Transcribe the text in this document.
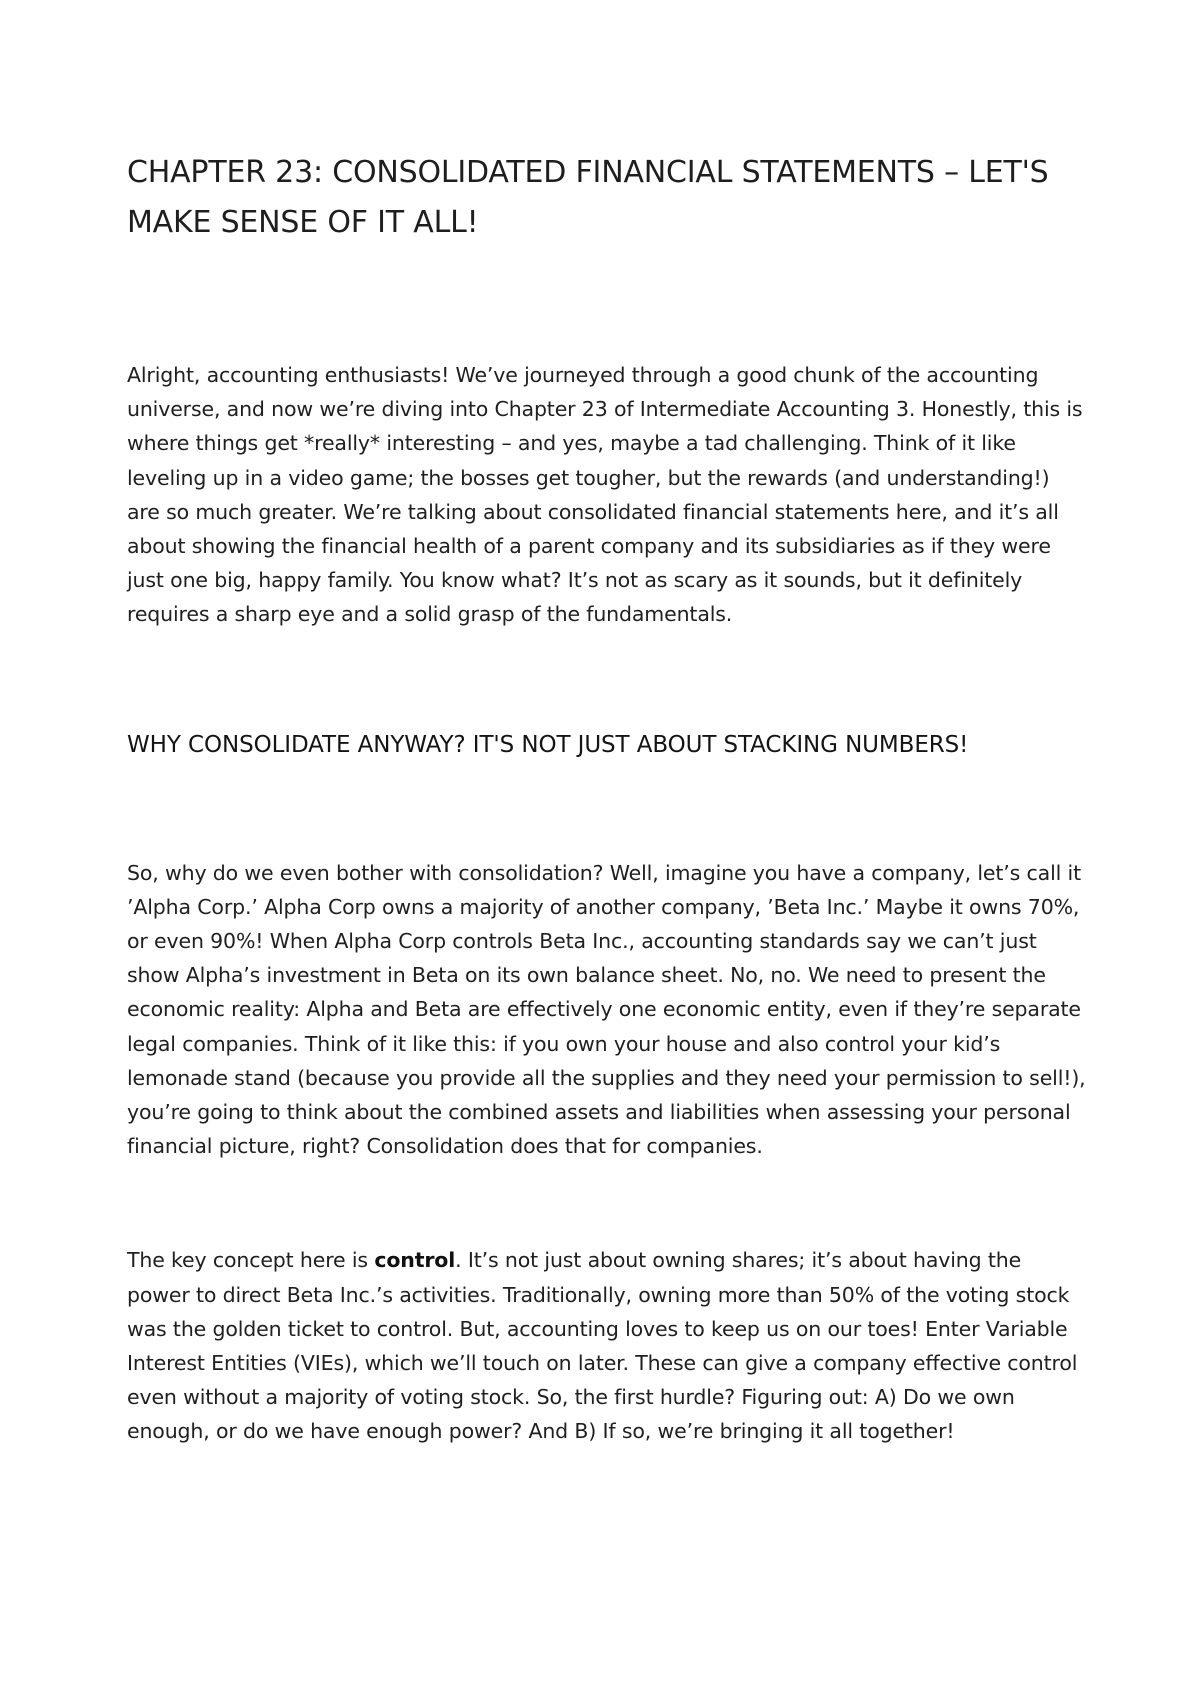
CHAPTER 23: CONSOLIDATED FINANCIAL STATEMENTS – LET'S MAKE SENSE OF IT ALL!

Alright, accounting enthusiasts! We’ve journeyed through a good chunk of the accounting universe, and now we’re diving into Chapter 23 of Intermediate Accounting 3. Honestly, this is where things get *really* interesting – and yes, maybe a tad challenging. Think of it like leveling up in a video game; the bosses get tougher, but the rewards (and understanding!) are so much greater. We’re talking about consolidated financial statements here, and it’s all about showing the financial health of a parent company and its subsidiaries as if they were just one big, happy family. You know what? It’s not as scary as it sounds, but it definitely requires a sharp eye and a solid grasp of the fundamentals.

WHY CONSOLIDATE ANYWAY? IT'S NOT JUST ABOUT STACKING NUMBERS!

So, why do we even bother with consolidation? Well, imagine you have a company, let’s call it ’Alpha Corp.’ Alpha Corp owns a majority of another company, ’Beta Inc.’ Maybe it owns 70%, or even 90%! When Alpha Corp controls Beta Inc., accounting standards say we can’t just show Alpha’s investment in Beta on its own balance sheet. No, no. We need to present the economic reality: Alpha and Beta are effectively one economic entity, even if they’re separate legal companies. Think of it like this: if you own your house and also control your kid’s lemonade stand (because you provide all the supplies and they need your permission to sell!), you’re going to think about the combined assets and liabilities when assessing your personal financial picture, right? Consolidation does that for companies.

The key concept here is control. It’s not just about owning shares; it’s about having the power to direct Beta Inc.’s activities. Traditionally, owning more than 50% of the voting stock was the golden ticket to control. But, accounting loves to keep us on our toes! Enter Variable Interest Entities (VIEs), which we’ll touch on later. These can give a company effective control even without a majority of voting stock. So, the first hurdle? Figuring out: A) Do we own enough, or do we have enough power? And B) If so, we’re bringing it all together!
